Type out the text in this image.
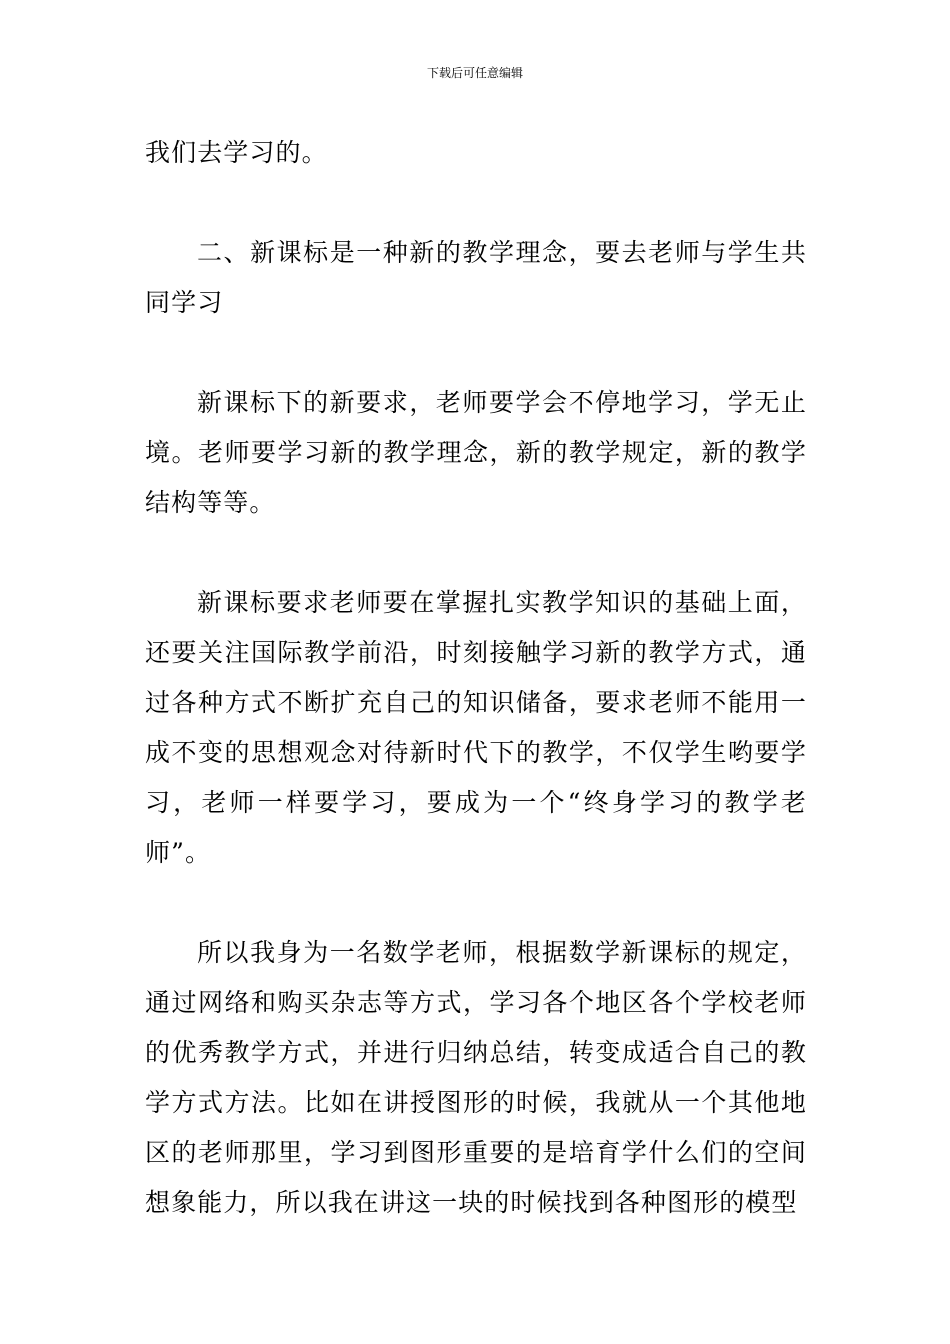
下载后可任意编辑

我们去学习的。

二、新课标是一种新的教学理念，要去老师与学生共同学习

新课标下的新要求，老师要学会不停地学习，学无止境。老师要学习新的教学理念，新的教学规定，新的教学结构等等。

新课标要求老师要在掌握扎实教学知识的基础上面，还要关注国际教学前沿，时刻接触学习新的教学方式，通过各种方式不断扩充自己的知识储备，要求老师不能用一成不变的思想观念对待新时代下的教学，不仅学生哟要学习，老师一样要学习，要成为一个“终身学习的教学老师”。

所以我身为一名数学老师，根据数学新课标的规定，通过网络和购买杂志等方式，学习各个地区各个学校老师的优秀教学方式，并进行归纳总结，转变成适合自己的教学方式方法。比如在讲授图形的时候，我就从一个其他地区的老师那里，学习到图形重要的是培育学什么们的空间想象能力，所以我在讲这一块的时候找到各种图形的模型
